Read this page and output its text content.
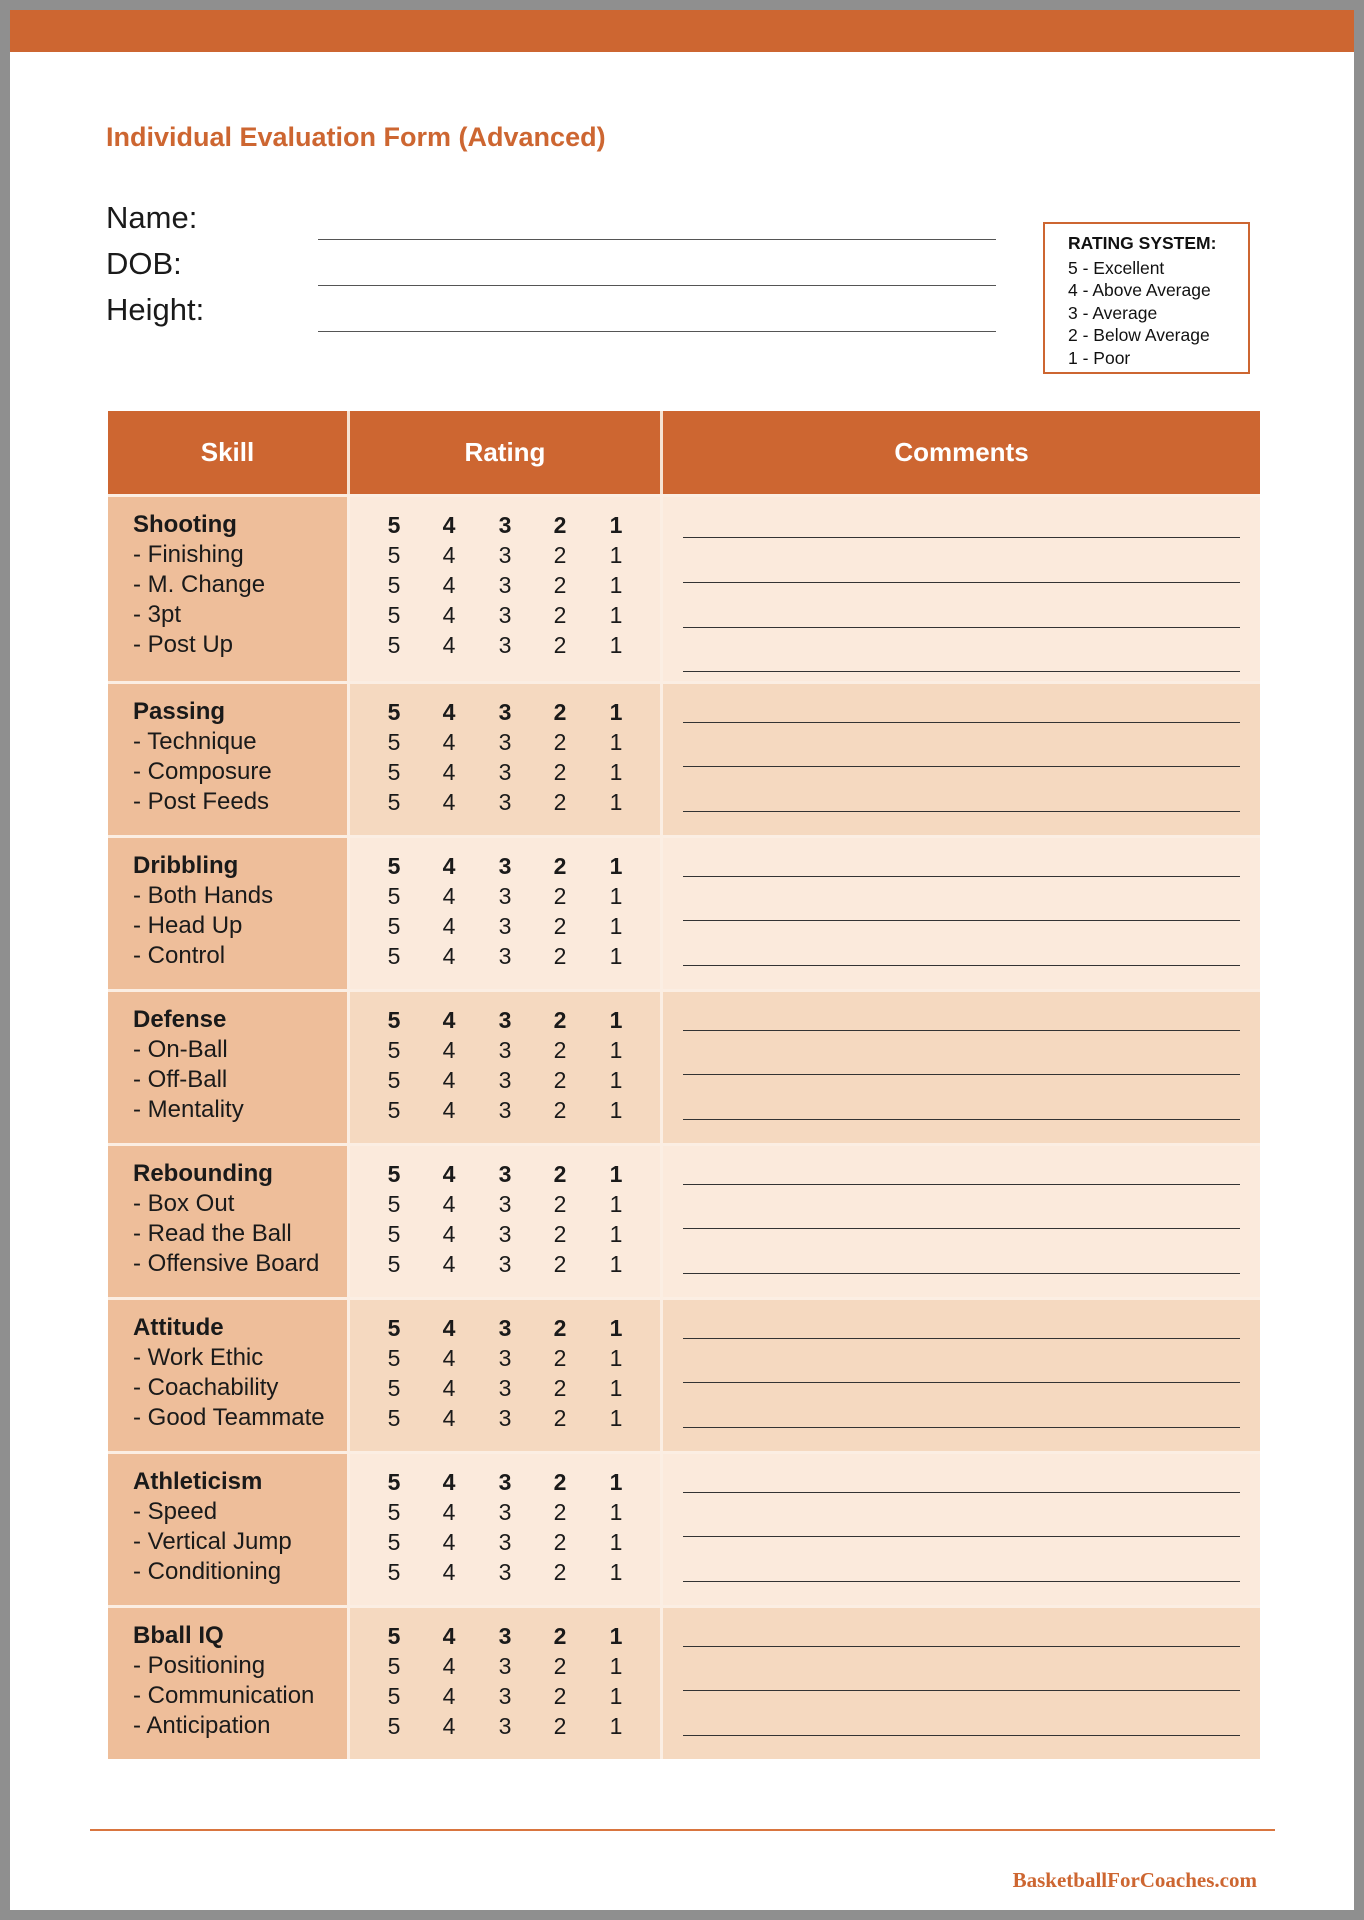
Individual Evaluation Form (Advanced)
Name:
DOB:
Height:
RATING SYSTEM:
5 - Excellent
4 - Above Average
3 - Average
2 - Below Average
1 - Poor
Skill	Rating	Comments
Shooting
- Finishing
- M. Change
- 3pt
- Post Up
5 4 3 2 1
5 4 3 2 1
5 4 3 2 1
5 4 3 2 1
5 4 3 2 1
Passing
- Technique
- Composure
- Post Feeds
5 4 3 2 1
5 4 3 2 1
5 4 3 2 1
5 4 3 2 1
Dribbling
- Both Hands
- Head Up
- Control
5 4 3 2 1
5 4 3 2 1
5 4 3 2 1
5 4 3 2 1
Defense
- On-Ball
- Off-Ball
- Mentality
5 4 3 2 1
5 4 3 2 1
5 4 3 2 1
5 4 3 2 1
Rebounding
- Box Out
- Read the Ball
- Offensive Board
5 4 3 2 1
5 4 3 2 1
5 4 3 2 1
5 4 3 2 1
Attitude
- Work Ethic
- Coachability
- Good Teammate
5 4 3 2 1
5 4 3 2 1
5 4 3 2 1
5 4 3 2 1
Athleticism
- Speed
- Vertical Jump
- Conditioning
5 4 3 2 1
5 4 3 2 1
5 4 3 2 1
5 4 3 2 1
Bball IQ
- Positioning
- Communication
- Anticipation
5 4 3 2 1
5 4 3 2 1
5 4 3 2 1
5 4 3 2 1
BasketballForCoaches.com
